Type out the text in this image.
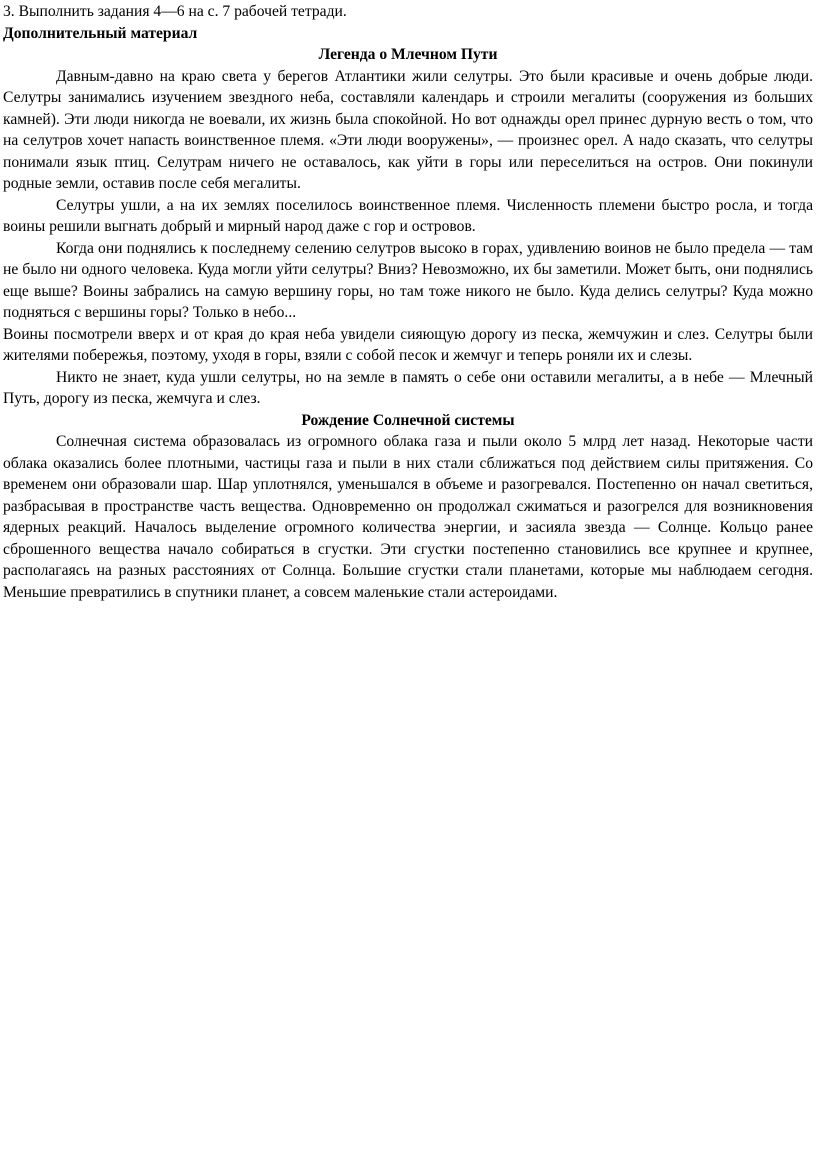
3. Выполнить задания 4—6 на с. 7 рабочей тетради.

Дополнительный материал

Легенда о Млечном Пути

Давным-давно на краю света у берегов Атлантики жили селутры. Это были красивые и очень добрые люди. Селутры занимались изучением звездного неба, составляли календарь и строили мегалиты (сооружения из больших камней). Эти люди никогда не воевали, их жизнь была спокойной. Но вот однажды орел принес дурную весть о том, что на селутров хочет напасть воинственное племя. «Эти люди вооружены», — произнес орел. А надо сказать, что селутры понимали язык птиц. Селутрам ничего не оставалось, как уйти в горы или переселиться на остров. Они покинули родные земли, оставив после себя мегалиты.

Селутры ушли, а на их землях поселилось воинственное племя. Численность племени быстро росла, и тогда воины решили выгнать добрый и мирный народ даже с гор и островов.

Когда они поднялись к последнему селению селутров высоко в горах, удивлению воинов не было предела — там не было ни одного человека. Куда могли уйти селутры? Вниз? Невозможно, их бы заметили. Может быть, они поднялись еще выше? Воины забрались на самую вершину горы, но там тоже никого не было. Куда делись селутры? Куда можно подняться с вершины горы? Только в небо...

Воины посмотрели вверх и от края до края неба увидели сияющую дорогу из песка, жемчужин и слез. Селутры были жителями побережья, поэтому, уходя в горы, взяли с собой песок и жемчуг и теперь роняли их и слезы.

Никто не знает, куда ушли селутры, но на земле в память о себе они оставили мегалиты, а в небе — Млечный Путь, дорогу из песка, жемчуга и слез.

Рождение Солнечной системы

Солнечная система образовалась из огромного облака газа и пыли около 5 млрд лет назад. Некоторые части облака оказались более плотными, частицы газа и пыли в них стали сближаться под действием силы притяжения. Со временем они образовали шар. Шар уплотнялся, уменьшался в объеме и разогревался. Постепенно он начал светиться, разбрасывая в пространстве часть вещества. Одновременно он продолжал сжиматься и разогрелся для возникновения ядерных реакций. Началось выделение огромного количества энергии, и засияла звезда — Солнце. Кольцо ранее сброшенного вещества начало собираться в сгустки. Эти сгустки постепенно становились все крупнее и крупнее, располагаясь на разных расстояниях от Солнца. Большие сгустки стали планетами, которые мы наблюдаем сегодня. Меньшие превратились в спутники планет, а совсем маленькие стали астероидами.
